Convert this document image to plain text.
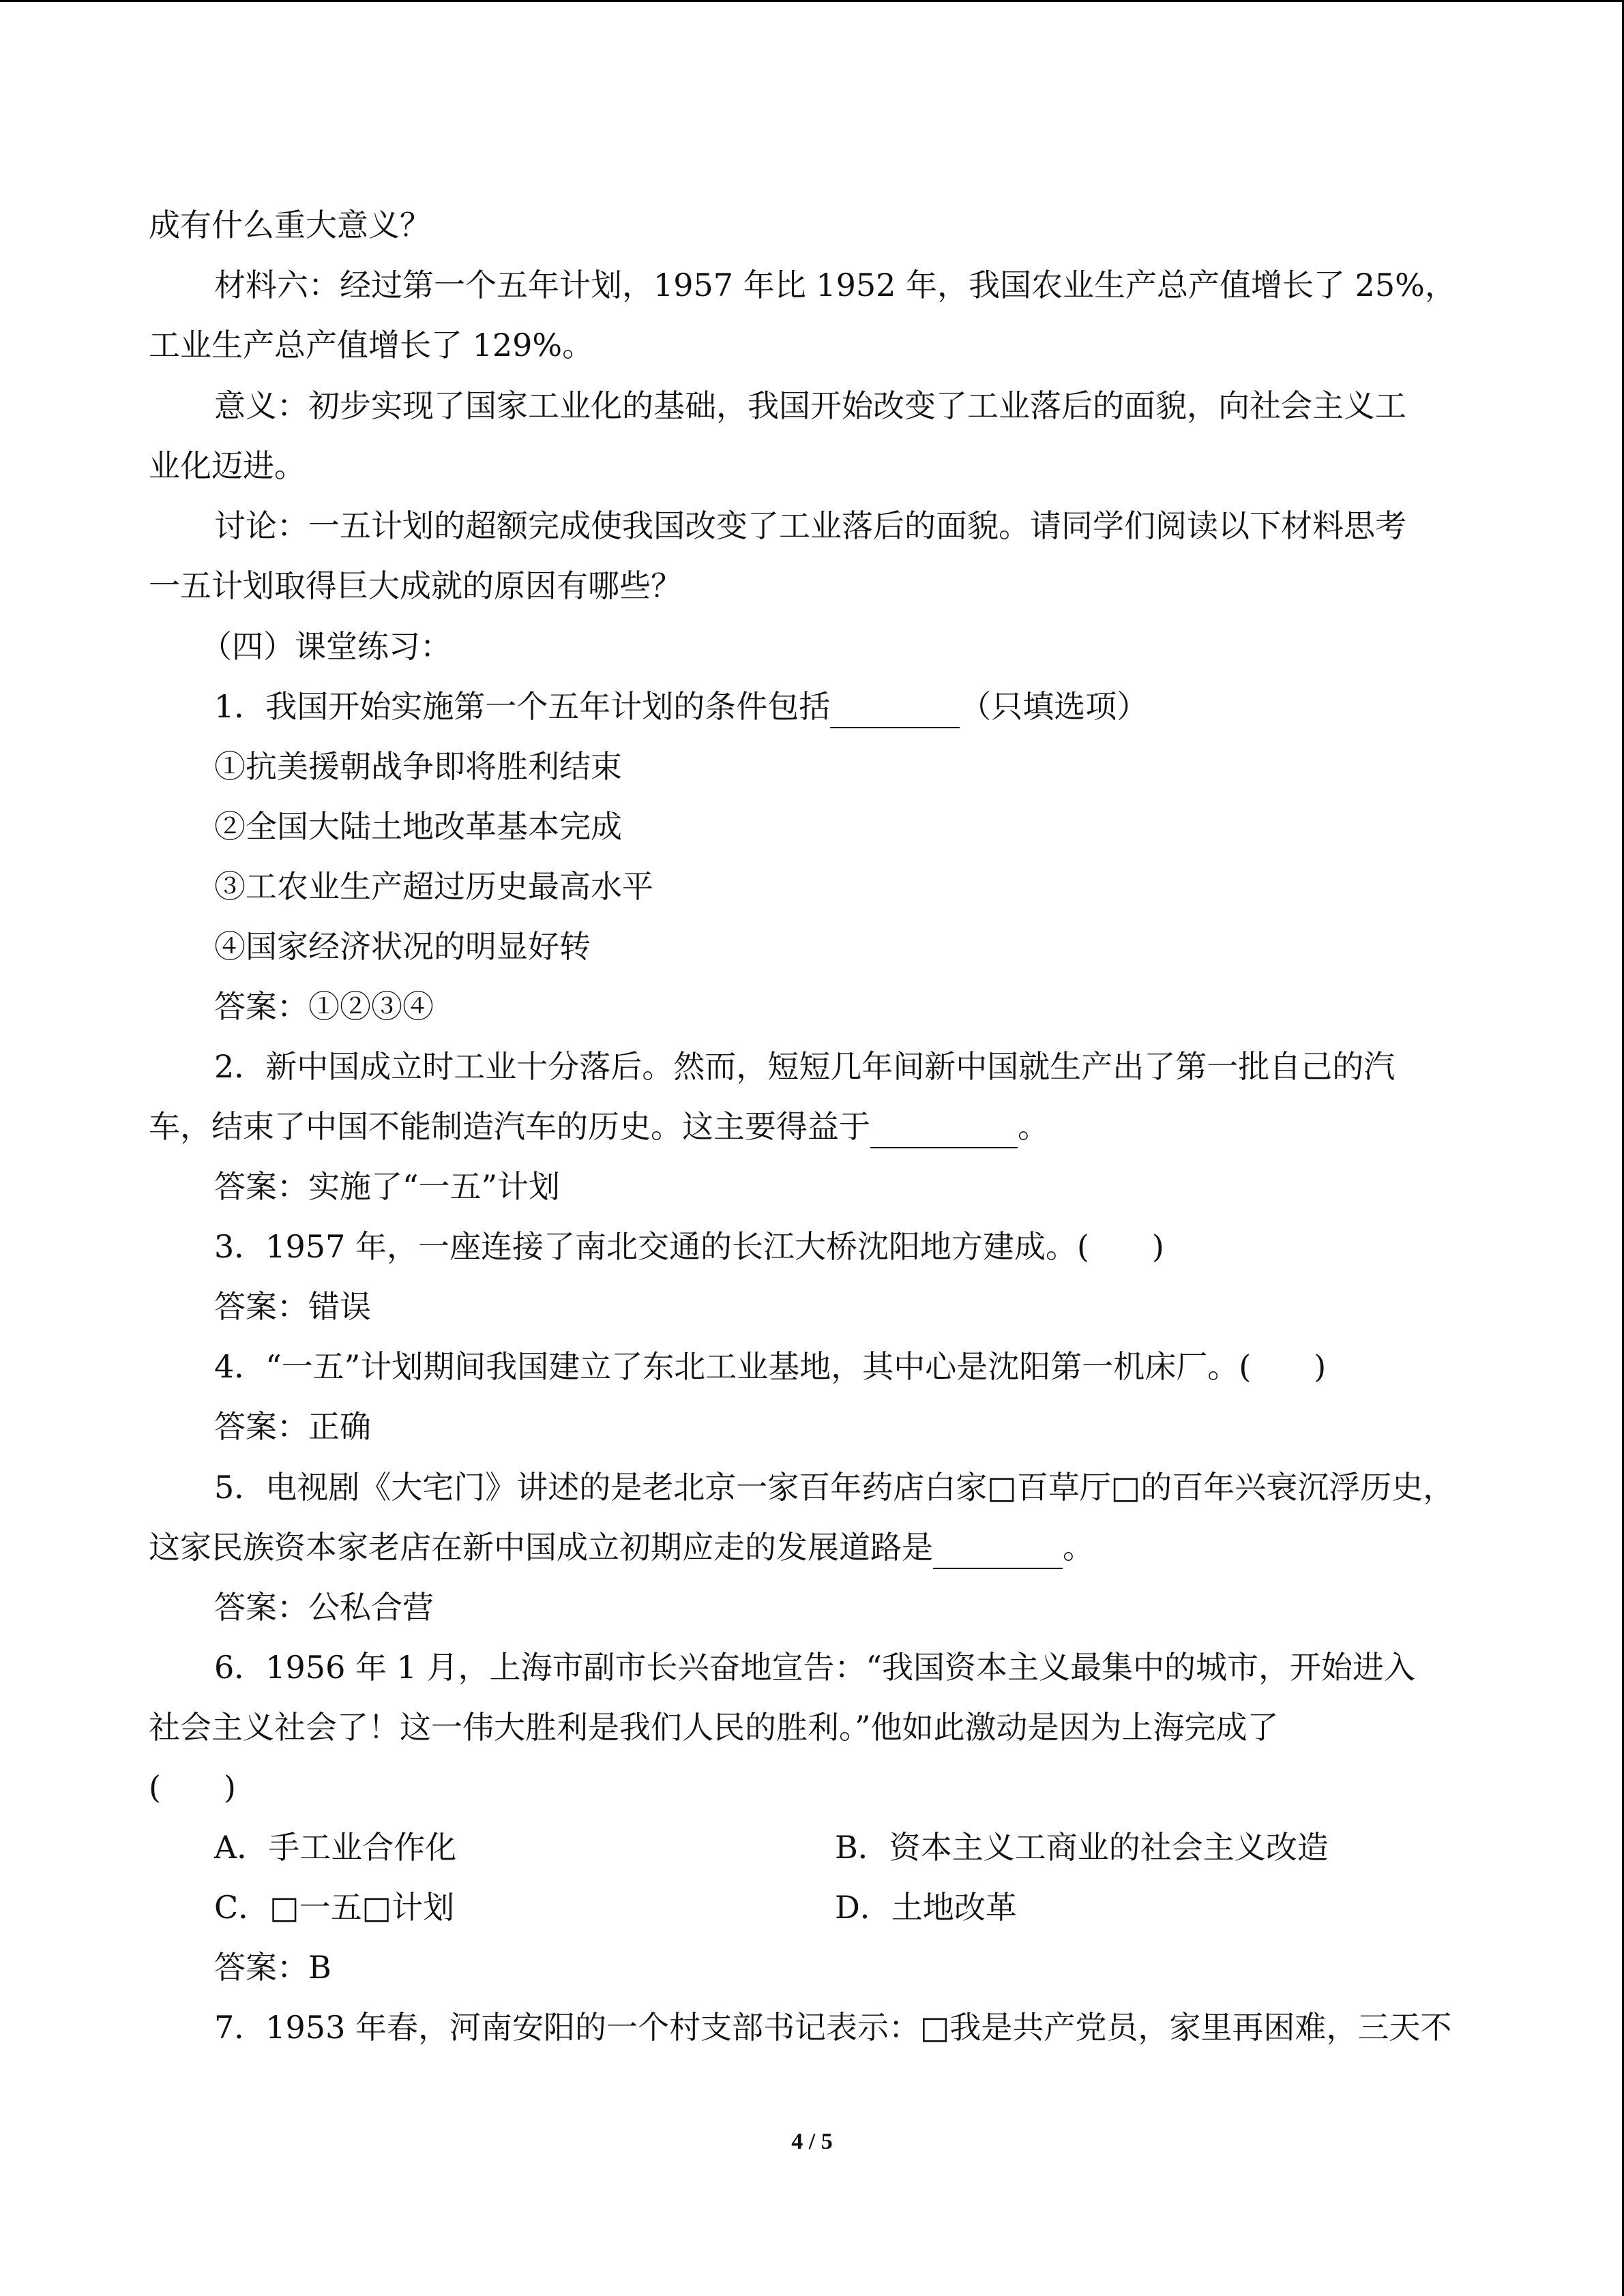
成有什么重大意义？
材料六：经过第一个五年计划，1957 年比 1952 年，我国农业生产总产值增长了 25%，
工业生产总产值增长了 129%。
意义：初步实现了国家工业化的基础，我国开始改变了工业落后的面貌，向社会主义工
业化迈进。
讨论：一五计划的超额完成使我国改变了工业落后的面貌。请同学们阅读以下材料思考
一五计划取得巨大成就的原因有哪些？
（四）课堂练习：
1．我国开始实施第一个五年计划的条件包括	（只填选项）
①抗美援朝战争即将胜利结束
②全国大陆土地改革基本完成
③工农业生产超过历史最高水平
④国家经济状况的明显好转
答案：①②③④
2．新中国成立时工业十分落后。然而，短短几年间新中国就生产出了第一批自己的汽
车，结束了中国不能制造汽车的历史。这主要得益于	。
答案：实施了“一五”计划
3．1957 年，一座连接了南北交通的长江大桥沈阳地方建成。(　　)
答案：错误
4．“一五”计划期间我国建立了东北工业基地，其中心是沈阳第一机床厂。(　　)
答案：正确
5．电视剧《大宅门》讲述的是老北京一家百年药店白家□百草厅□的百年兴衰沉浮历史，
这家民族资本家老店在新中国成立初期应走的发展道路是	。
答案：公私合营
6．1956 年 1 月，上海市副市长兴奋地宣告：“我国资本主义最集中的城市，开始进入
社会主义社会了！这一伟大胜利是我们人民的胜利。”他如此激动是因为上海完成了
(　　)
A．手工业合作化	B．资本主义工商业的社会主义改造
C．□一五□计划	D．土地改革
答案：B
7．1953 年春，河南安阳的一个村支部书记表示：□我是共产党员，家里再困难，三天不
4 / 5
